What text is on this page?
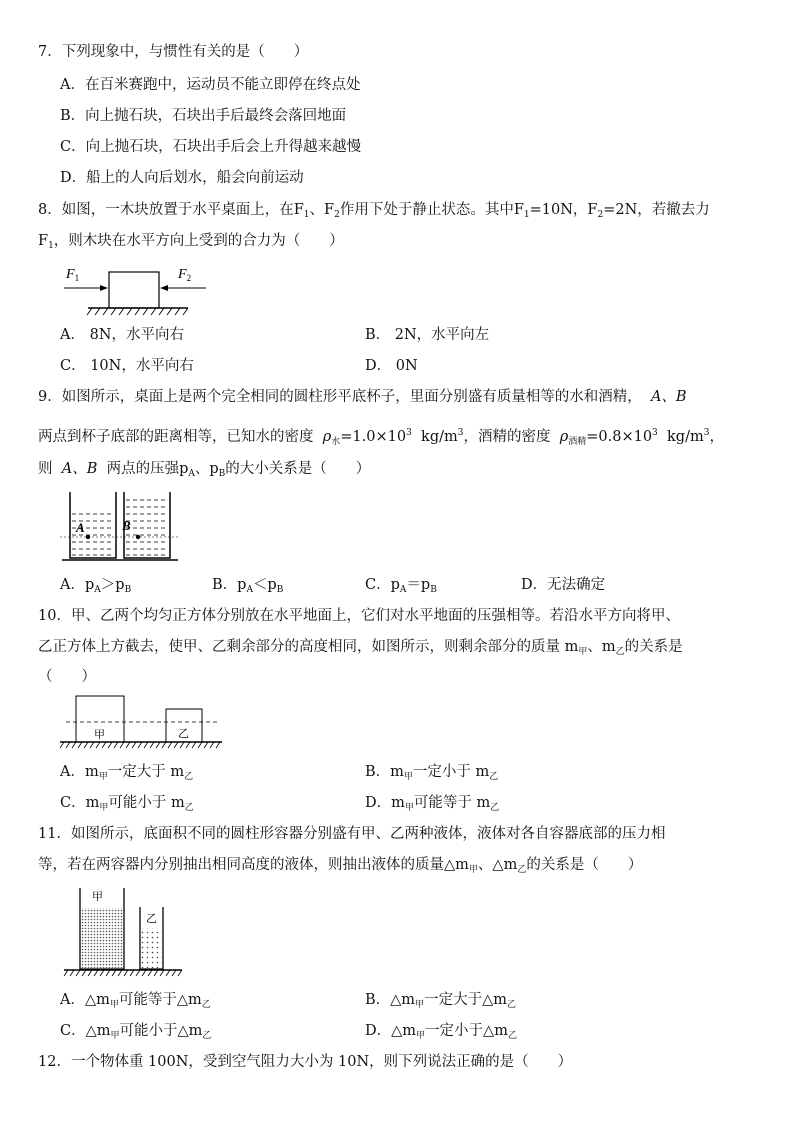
7．下列现象中，与惯性有关的是（　　）
A．在百米赛跑中，运动员不能立即停在终点处
B．向上抛石块，石块出手后最终会落回地面
C．向上抛石块，石块出手后会上升得越来越慢
D．船上的人向后划水，船会向前运动
8．如图，一木块放置于水平桌面上，在$F_1$、$F_2$作用下处于静止状态。其中$F_1=10N$，$F_2=2N$，若撤去力
$F_1$，则木块在水平方向上受到的合力为（　　）
$F_1$	$F_2$
A． 8N，水平向右	B． 2N，水平向左
C． 10N，水平向右	D． 0N
9．如图所示，桌面上是两个完全相同的圆柱形平底杯子，里面分别盛有质量相等的水和酒精， A、B
两点到杯子底部的距离相等，已知水的密度 $\rho_水=1.0\times 10^3$ $kg/m^3$，酒精的密度 $\rho_{酒精}=0.8\times 10^3$ $kg/m^3$，
则 A、B 两点的压强$p_A$、$p_B$的大小关系是（　　）
A	B
A．$p_A>p_B$	B．$p_A<p_B$	C．$p_A=p_B$	D．无法确定
10．甲、乙两个均匀正方体分别放在水平地面上，它们对水平地面的压强相等。若沿水平方向将甲、
乙正方体上方截去，使甲、乙剩余部分的高度相同，如图所示，则剩余部分的质量 $m_甲$、$m_乙$的关系是
（　　）
甲	乙
A．$m_甲$一定大于 $m_乙$	B．$m_甲$一定小于 $m_乙$
C．$m_甲$可能小于 $m_乙$	D．$m_甲$可能等于 $m_乙$
11．如图所示，底面积不同的圆柱形容器分别盛有甲、乙两种液体，液体对各自容器底部的压力相
等，若在两容器内分别抽出相同高度的液体，则抽出液体的质量$\triangle m_甲$、$\triangle m_乙$的关系是（　　）
甲
乙
A．$\triangle m_甲$可能等于$\triangle m_乙$	B．$\triangle m_甲$一定大于$\triangle m_乙$
C．$\triangle m_甲$可能小于$\triangle m_乙$	D．$\triangle m_甲$一定小于$\triangle m_乙$
12．一个物体重 100N，受到空气阻力大小为 10N，则下列说法正确的是（　　）
